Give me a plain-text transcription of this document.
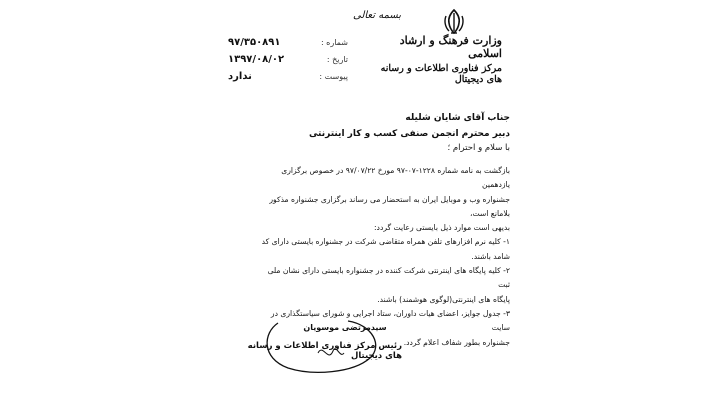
بسمه تعالی
وزارت فرهنگ و ارشاد اسلامی
مرکز فناوری اطلاعات و رسانه های دیجیتال
شماره :
۹۷/۳۵۰۸۹۱
تاریخ :
۱۳۹۷/۰۸/۰۲
پیوست :
ندارد
جناب آقای شایان شلیله
دبیر محترم انجمن صنفی کسب و کار اینترنتی
با سلام و احترام ؛

بازگشت به نامه شماره ۱۲۲۸-۰۷-۹۷ مورخ ۹۷/۰۷/۲۲ در خصوص برگزاری یازدهمین

جشنواره وب و موبایل ایران به استحضار می رساند برگزاری جشنواره مذکور بلامانع است،

بدیهی است موارد ذیل بایستی رعایت گردد:

۱- کلیه نرم افزارهای تلفن همراه متقاضی شرکت در جشنواره بایستی دارای کد شامد باشند.

۲- کلیه پایگاه های اینترنتی شرکت کننده در جشنواره بایستی دارای نشان ملی ثبت

پایگاه های اینترنتی(لوگوی هوشمند) باشند.

۳- جدول جوایز، اعضای هیات داوران، ستاد اجرایی و شورای سیاستگذاری در سایت

جشنواره بطور شفاف اعلام گردد.

سیدمرتضی موسویان
رئیس مرکز فناوری اطلاعات و رسانه های دیجیتال
